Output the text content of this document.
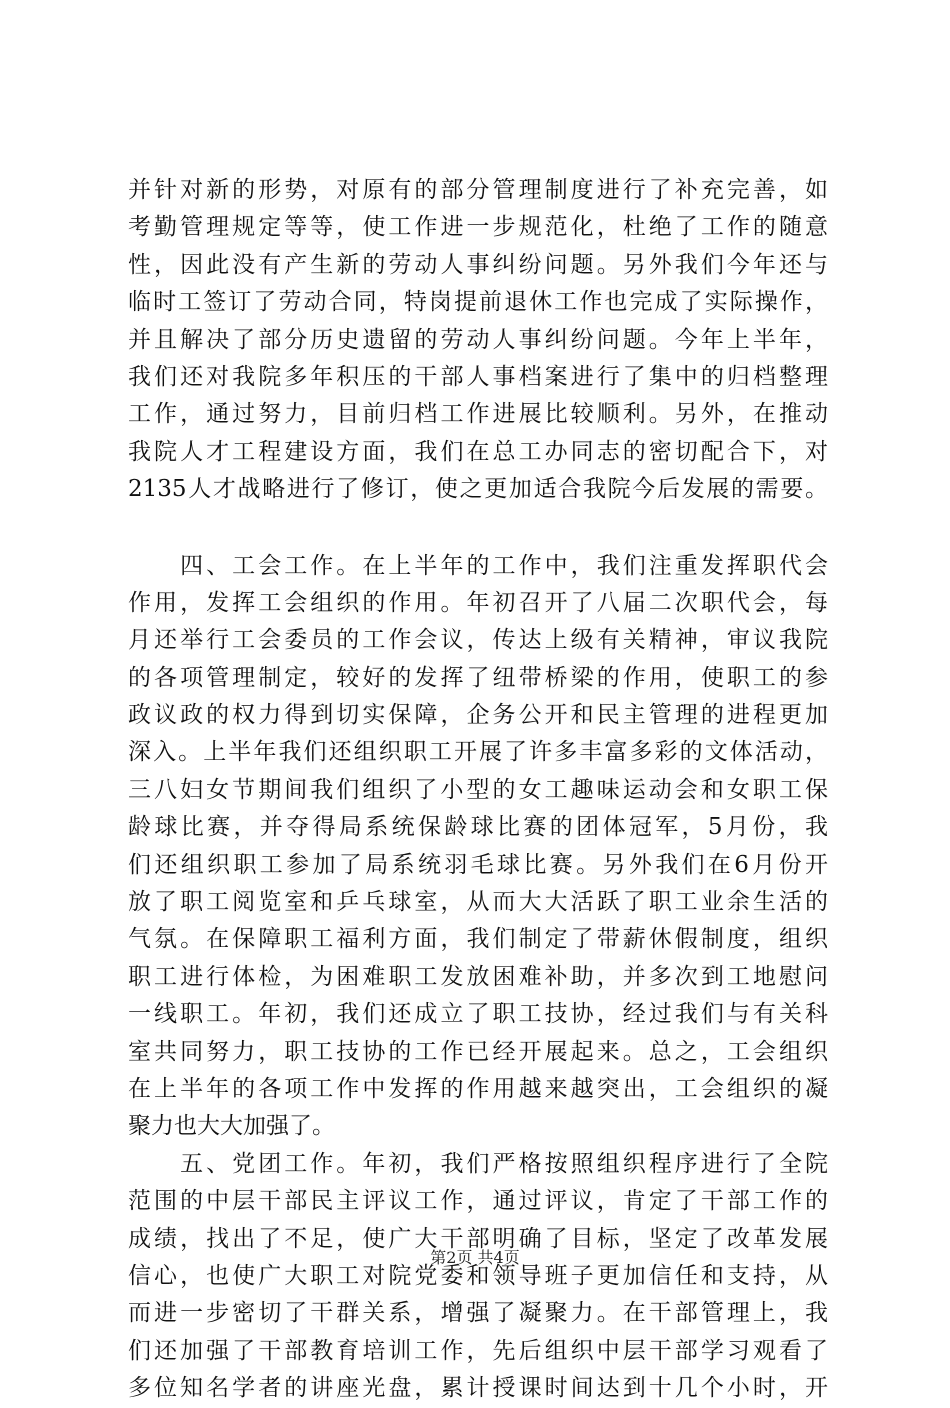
并针对新的形势，对原有的部分管理制度进行了补充完善，如
考勤管理规定等等，使工作进一步规范化，杜绝了工作的随意
性，因此没有产生新的劳动人事纠纷问题。另外我们今年还与
临时工签订了劳动合同，特岗提前退休工作也完成了实际操作，
并且解决了部分历史遗留的劳动人事纠纷问题。今年上半年，
我们还对我院多年积压的干部人事档案进行了集中的归档整理
工作，通过努力，目前归档工作进展比较顺利。另外，在推动
我院人才工程建设方面，我们在总工办同志的密切配合下，对
2135人才战略进行了修订，使之更加适合我院今后发展的需要。
　　四、工会工作。在上半年的工作中，我们注重发挥职代会
作用，发挥工会组织的作用。年初召开了八届二次职代会，每
月还举行工会委员的工作会议，传达上级有关精神，审议我院
的各项管理制定，较好的发挥了纽带桥梁的作用，使职工的参
政议政的权力得到切实保障，企务公开和民主管理的进程更加
深入。上半年我们还组织职工开展了许多丰富多彩的文体活动，
三八妇女节期间我们组织了小型的女工趣味运动会和女职工保
龄球比赛，并夺得局系统保龄球比赛的团体冠军，5月份，我
们还组织职工参加了局系统羽毛球比赛。另外我们在6月份开
放了职工阅览室和乒乓球室，从而大大活跃了职工业余生活的
气氛。在保障职工福利方面，我们制定了带薪休假制度，组织
职工进行体检，为困难职工发放困难补助，并多次到工地慰问
一线职工。年初，我们还成立了职工技协，经过我们与有关科
室共同努力，职工技协的工作已经开展起来。总之，工会组织
在上半年的各项工作中发挥的作用越来越突出，工会组织的凝
聚力也大大加强了。
　　五、党团工作。年初，我们严格按照组织程序进行了全院
范围的中层干部民主评议工作，通过评议，肯定了干部工作的
成绩，找出了不足，使广大干部明确了目标，坚定了改革发展
信心，也使广大职工对院党委和领导班子更加信任和支持，从
而进一步密切了干群关系，增强了凝聚力。在干部管理上，我
们还加强了干部教育培训工作，先后组织中层干部学习观看了
多位知名学者的讲座光盘，累计授课时间达到十几个小时，开
第2页 共4页
